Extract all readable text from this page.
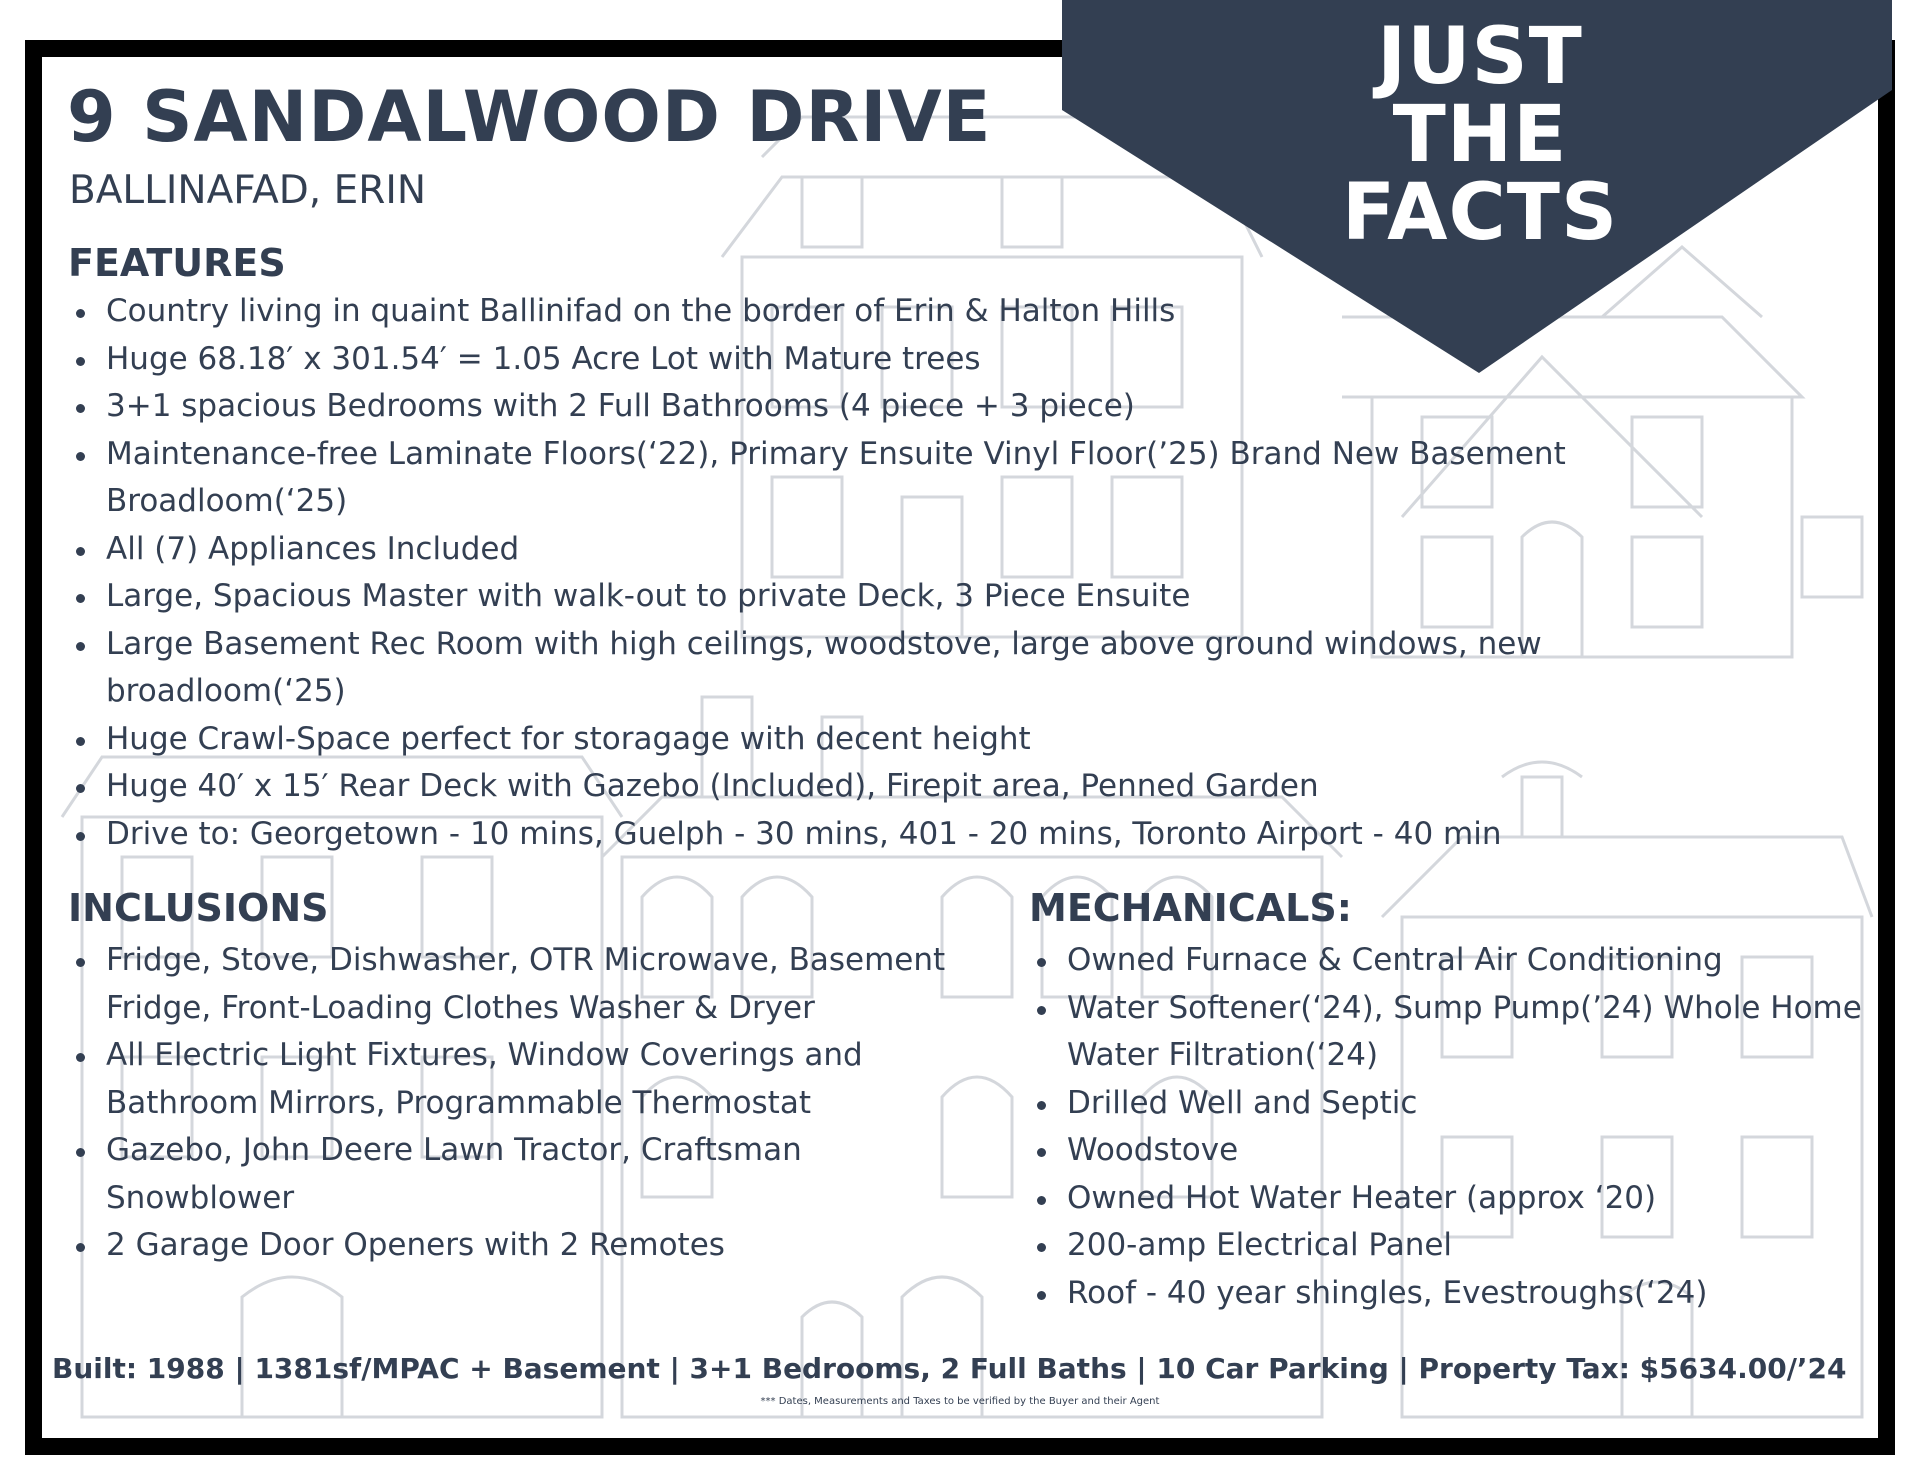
JUST
THE
FACTS
9 SANDALWOOD DRIVE
BALLINAFAD, ERIN
FEATURES
Country living in quaint Ballinifad on the border of Erin & Halton Hills
Huge 68.18′ x 301.54′ = 1.05 Acre Lot with Mature trees
3+1 spacious Bedrooms with 2 Full Bathrooms (4 piece + 3 piece)
Maintenance-free Laminate Floors(‘22), Primary Ensuite Vinyl Floor(’25) Brand New Basement Broadloom(‘25)
All (7) Appliances Included
Large, Spacious Master with walk-out to private Deck, 3 Piece Ensuite
Large Basement Rec Room with high ceilings, woodstove, large above ground windows, new broadloom(‘25)
Huge Crawl-Space perfect for storagage with decent height
Huge 40′ x 15′ Rear Deck with Gazebo (Included), Firepit area, Penned Garden
Drive to: Georgetown - 10 mins, Guelph - 30 mins, 401 - 20 mins, Toronto Airport - 40 min
INCLUSIONS
Fridge, Stove, Dishwasher, OTR Microwave, Basement Fridge, Front-Loading Clothes Washer & Dryer
All Electric Light Fixtures, Window Coverings and Bathroom Mirrors, Programmable Thermostat
Gazebo, John Deere Lawn Tractor, Craftsman Snowblower
2 Garage Door Openers with 2 Remotes
MECHANICALS:
Owned Furnace & Central Air Conditioning
Water Softener(‘24), Sump Pump(’24) Whole Home Water Filtration(‘24)
Drilled Well and Septic
Woodstove
Owned Hot Water Heater (approx ‘20)
200-amp Electrical Panel
Roof - 40 year shingles, Evestroughs(‘24)
Built: 1988 | 1381sf/MPAC + Basement | 3+1 Bedrooms, 2 Full Baths | 10 Car Parking | Property Tax: $5634.00/’24
*** Dates, Measurements and Taxes to be verified by the Buyer and their Agent
